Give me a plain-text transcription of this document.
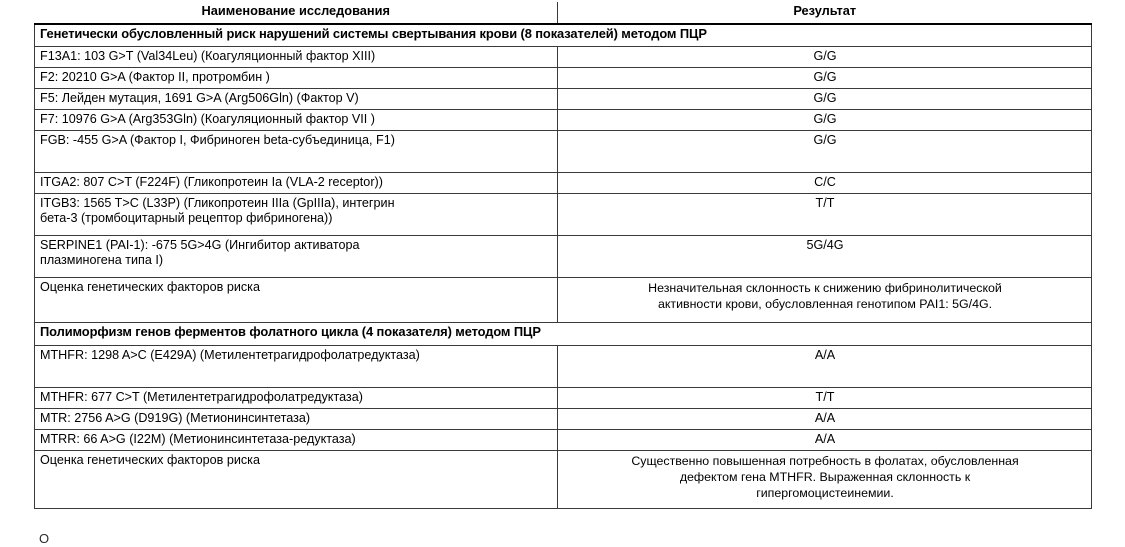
Наименование исследования	Результат
Генетически обусловленный риск нарушений системы свертывания крови (8 показателей) методом ПЦР	
F13A1: 103 G>T (Val34Leu) (Коагуляционный фактор XIII)	G/G
F2: 20210 G>A (Фактор II, протромбин )	G/G
F5: Лейден мутация, 1691 G>A (Arg506Gln) (Фактор V)	G/G
F7: 10976 G>A (Arg353Gln) (Коагуляционный фактор VII )	G/G
FGB: -455 G>A (Фактор I, Фибриноген beta-субъединица, F1)	G/G
ITGA2: 807 C>T (F224F) (Гликопротеин Ia (VLA-2 receptor))	C/C

ITGB3: 1565 T>C (L33P) (Гликопротеин IIIa (GpIIIa), интегрин
бета-3 (тромбоцитарный рецептор фибриногена))	T/T

SERPINE1 (PAI-1): -675 5G>4G (Ингибитор активатора
плазминогена типа I)	5G/4G
Оценка генетических факторов риска	Незначительная склонность к снижению фибринолитической
активности крови, обусловленная генотипом PAI1: 5G/4G.

Полиморфизм генов ферментов фолатного цикла (4 показателя) методом ПЦР	
MTHFR: 1298 A>C (E429A) (Метилентетрагидрофолатредуктаза)	A/A
MTHFR: 677 C>T (Метилентетрагидрофолатредуктаза)	T/T
MTR: 2756 A>G (D919G) (Метионинсинтетаза)	A/A
MTRR: 66 A>G (I22M) (Метионинсинтетаза-редуктаза)	A/A
Оценка генетических факторов риска	Существенно повышенная потребность в фолатах, обусловленная
дефектом гена MTHFR. Выраженная склонность к
гипергомоцистеинемии.
О
